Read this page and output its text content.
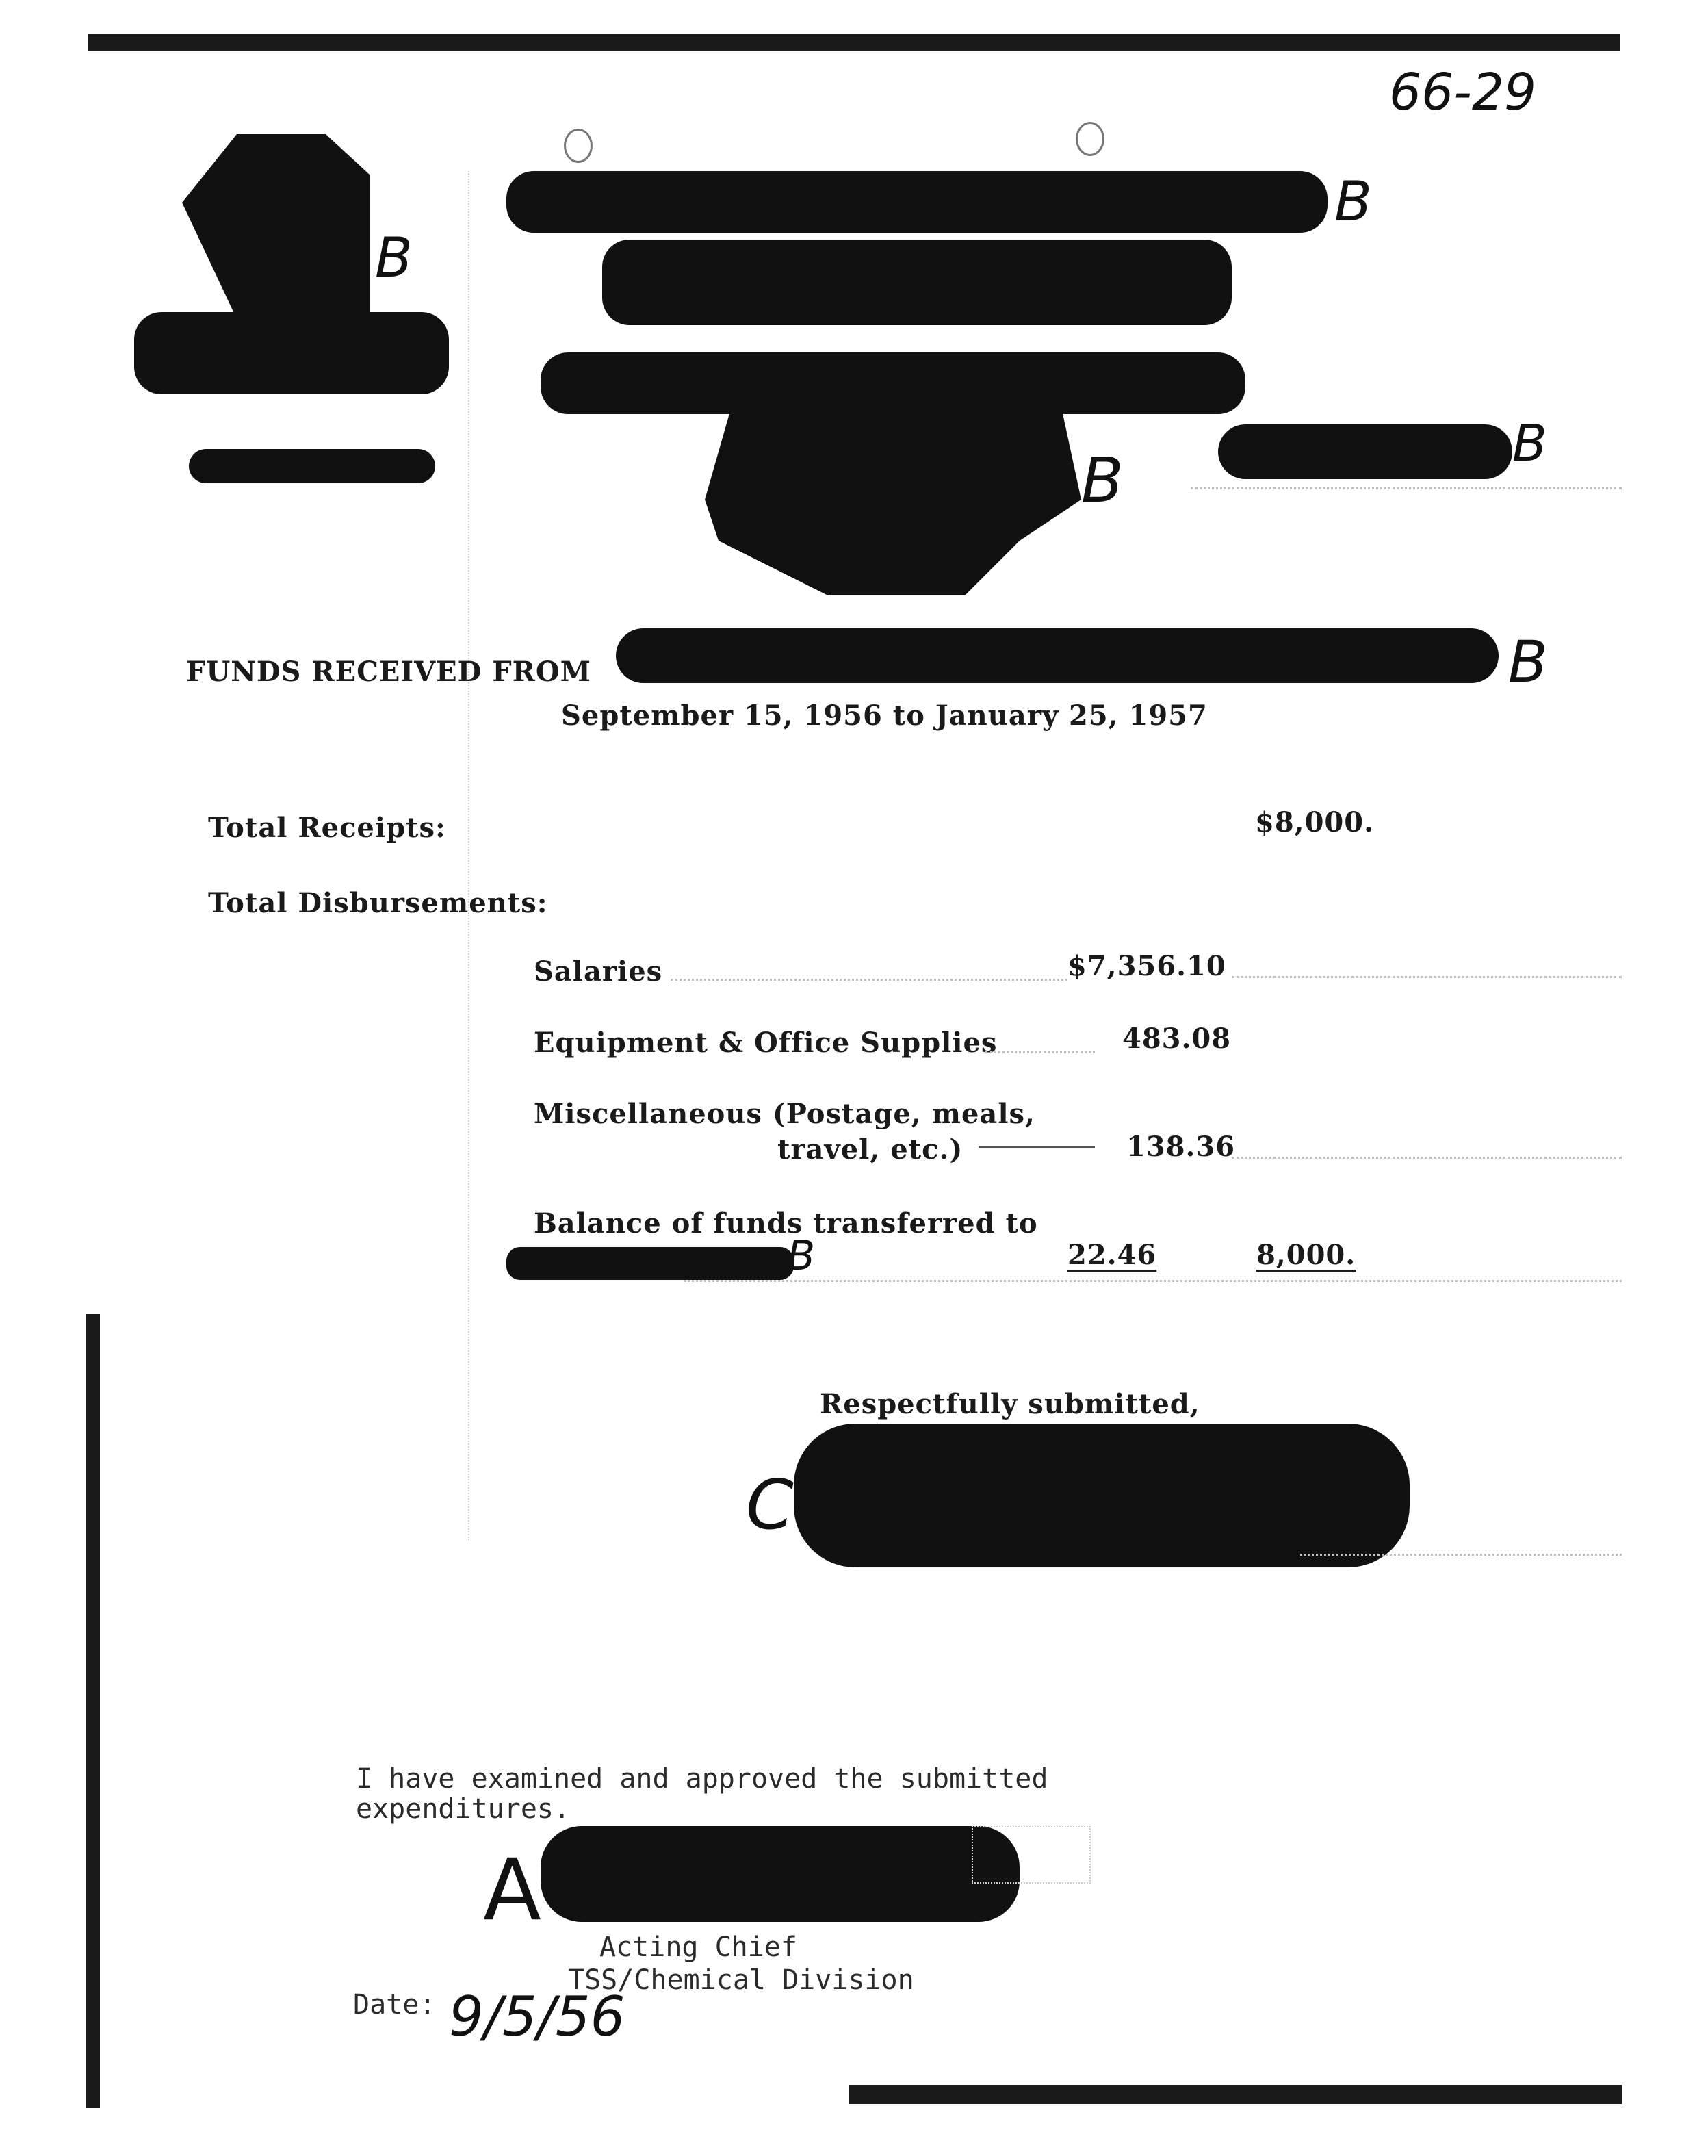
66-29
B
B
B
B
FUNDS RECEIVED FROM	B
September 15, 1956 to January 25, 1957
Total Receipts:	$8,000.
Total Disbursements:
Salaries	$7,356.10
Equipment & Office Supplies	483.08
Miscellaneous (Postage, meals,
travel, etc.)	138.36
Balance of funds transferred to
B	22.46	8,000.
Respectfully submitted,
C
I have examined and approved the submitted
expenditures.
A
Acting Chief
TSS/Chemical Division
Date: 9/5/56
